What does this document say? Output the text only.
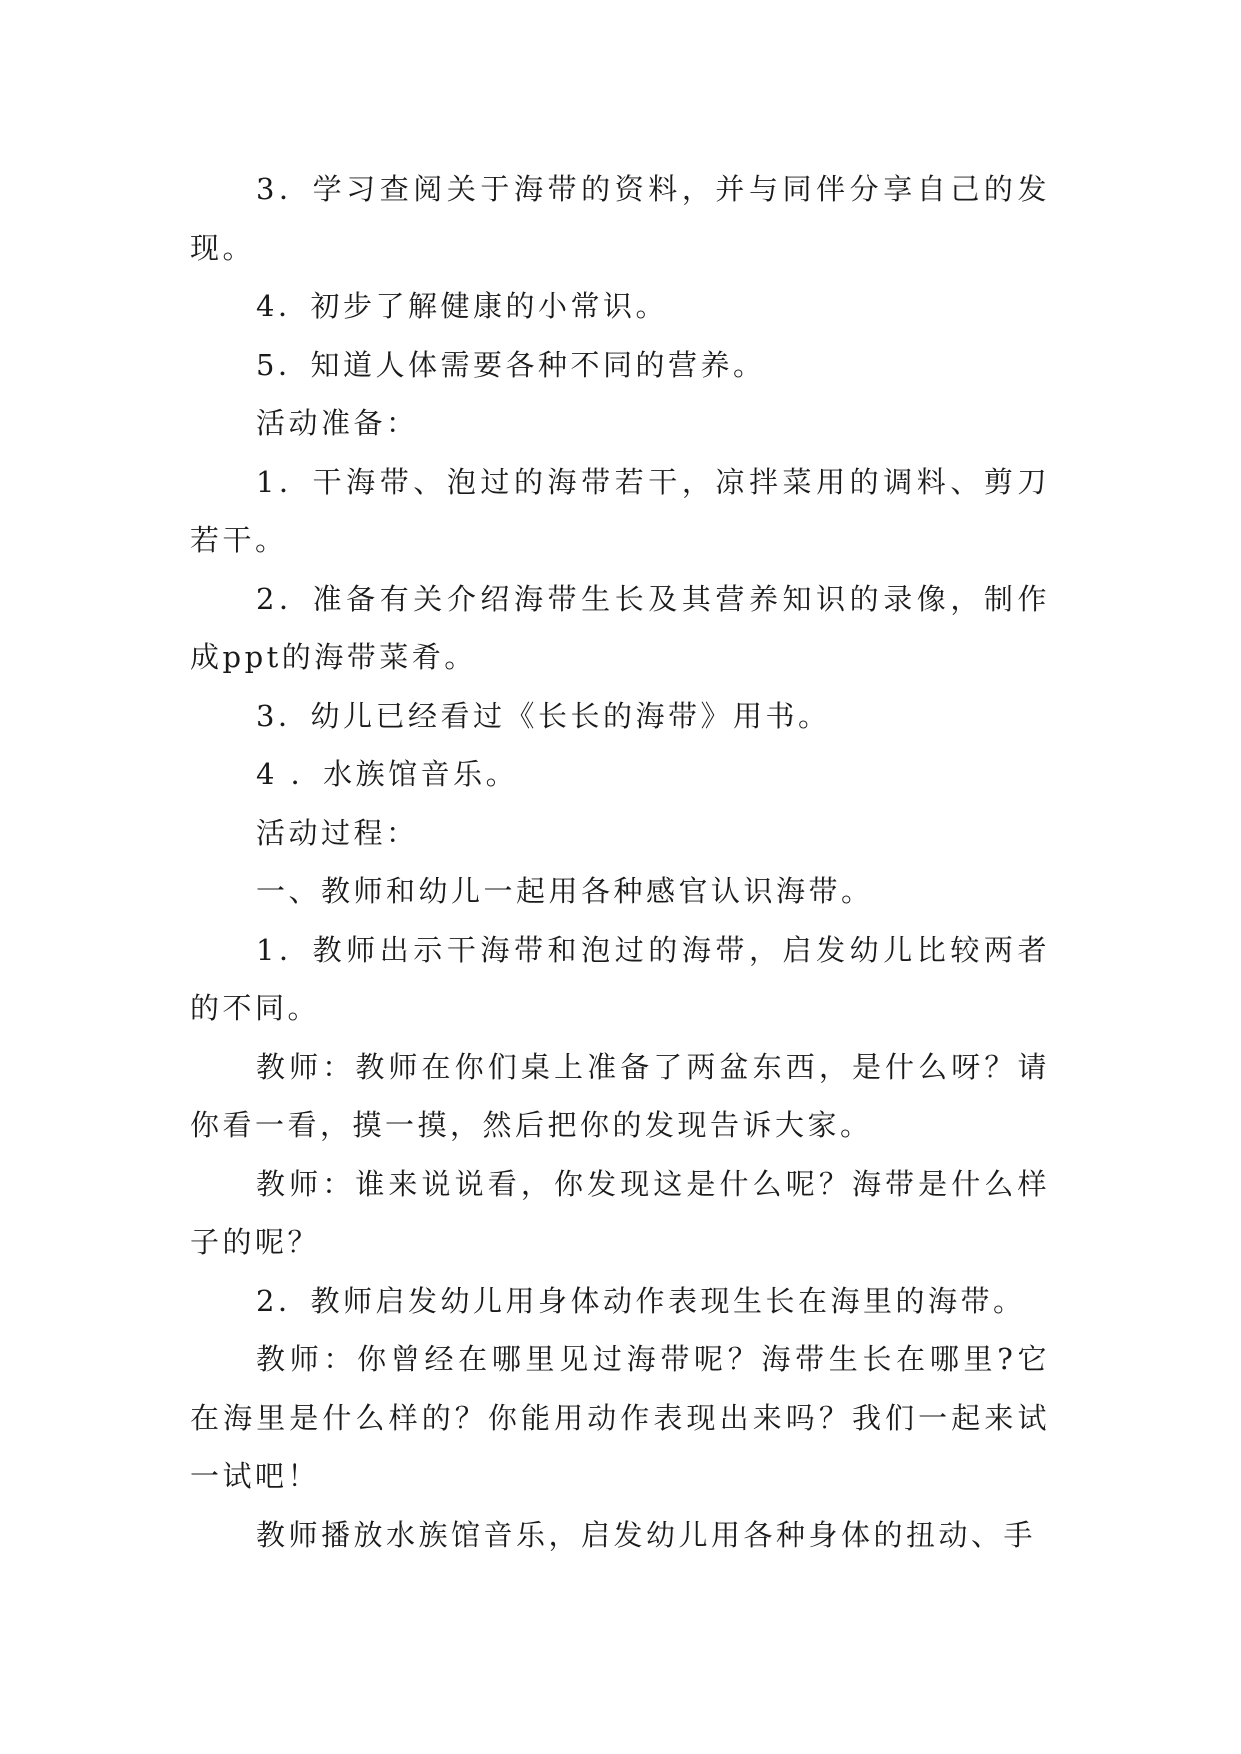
3．学习查阅关于海带的资料，并与同伴分享自己的发现。

4．初步了解健康的小常识。

5．知道人体需要各种不同的营养。

活动准备：

1．干海带、泡过的海带若干，凉拌菜用的调料、剪刀若干。

2．准备有关介绍海带生长及其营养知识的录像，制作成ppt的海带菜肴。

3．幼儿已经看过《长长的海带》用书。

4 ．水族馆音乐。

活动过程：

一、教师和幼儿一起用各种感官认识海带。

1．教师出示干海带和泡过的海带，启发幼儿比较两者的不同。

教师：教师在你们桌上准备了两盆东西，是什么呀？请你看一看，摸一摸，然后把你的发现告诉大家。

教师：谁来说说看，你发现这是什么呢？海带是什么样子的呢？

2．教师启发幼儿用身体动作表现生长在海里的海带。

教师：你曾经在哪里见过海带呢？海带生长在哪里?它在海里是什么样的？你能用动作表现出来吗？我们一起来试一试吧！

教师播放水族馆音乐，启发幼儿用各种身体的扭动、手
